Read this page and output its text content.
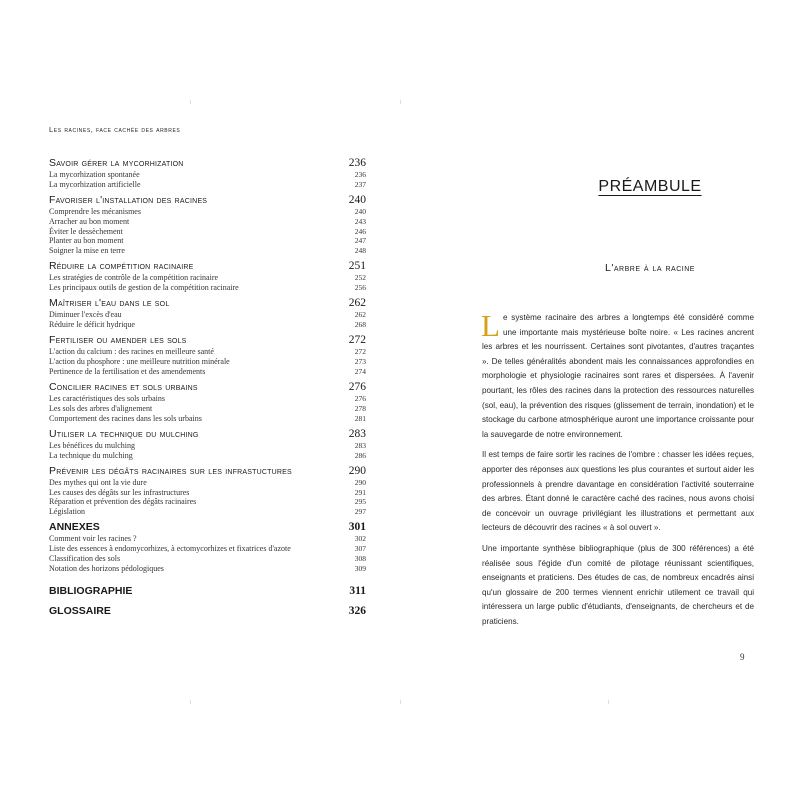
Les racines, face cachée des arbres
Savoir gérer la mycorhization	236
La mycorhization spontanée	236
La mycorhization artificielle	237
Favoriser l'installation des racines	240
Comprendre les mécanismes	240
Arracher au bon moment	243
Éviter le dessèchement	246
Planter au bon moment	247
Soigner la mise en terre	248
Réduire la compétition racinaire	251
Les stratégies de contrôle de la compétition racinaire	252
Les principaux outils de gestion de la compétition racinaire	256
Maîtriser l'eau dans le sol	262
Diminuer l'excès d'eau	262
Réduire le déficit hydrique	268
Fertiliser ou amender les sols	272
L'action du calcium : des racines en meilleure santé	272
L'action du phosphore : une meilleure nutrition minérale	273
Pertinence de la fertilisation et des amendements	274
Concilier racines et sols urbains	276
Les caractéristiques des sols urbains	276
Les sols des arbres d'alignement	278
Comportement des racines dans les sols urbains	281
Utiliser la technique du mulching	283
Les bénéfices du mulching	283
La technique du mulching	286
Prévenir les dégâts racinaires sur les infrastuctures	290
Des mythes qui ont la vie dure	290
Les causes des dégâts sur les infrastructures	291
Réparation et prévention des dégâts racinaires	295
Législation	297
ANNEXES	301
Comment voir les racines ?	302
Liste des essences à endomycorhizes, à ectomycorhizes et fixatrices d'azote	307
Classification des sols	308
Notation des horizons pédologiques	309
BIBLIOGRAPHIE	311
GLOSSAIRE	326
PRÉAMBULE
L'arbre à la racine

Le système racinaire des arbres a longtemps été considéré comme une importante mais mystérieuse boîte noire. « Les racines ancrent les arbres et les nourrissent. Certaines sont pivotantes, d'autres traçantes ». De telles généralités abondent mais les connaissances approfondies en morphologie et physiologie racinaires sont rares et dispersées. À l'avenir pourtant, les rôles des racines dans la protection des ressources naturelles (sol, eau), la prévention des risques (glissement de terrain, inondation) et le stockage du carbone atmosphérique auront une importance croissante pour la sauvegarde de notre environnement.

Il est temps de faire sortir les racines de l'ombre : chasser les idées reçues, apporter des réponses aux questions les plus courantes et surtout aider les professionnels à prendre davantage en considération l'activité souterraine des arbres. Étant donné le caractère caché des racines, nous avons choisi de concevoir un ouvrage privilégiant les illustrations et permettant aux lecteurs de découvrir des racines « à sol ouvert ».

Une importante synthèse bibliographique (plus de 300 références) a été réalisée sous l'égide d'un comité de pilotage réunissant scientifiques, enseignants et praticiens. Des études de cas, de nombreux encadrés ainsi qu'un glossaire de 200 termes viennent enrichir utilement ce travail qui intéressera un large public d'étudiants, d'enseignants, de chercheurs et de praticiens.

9
